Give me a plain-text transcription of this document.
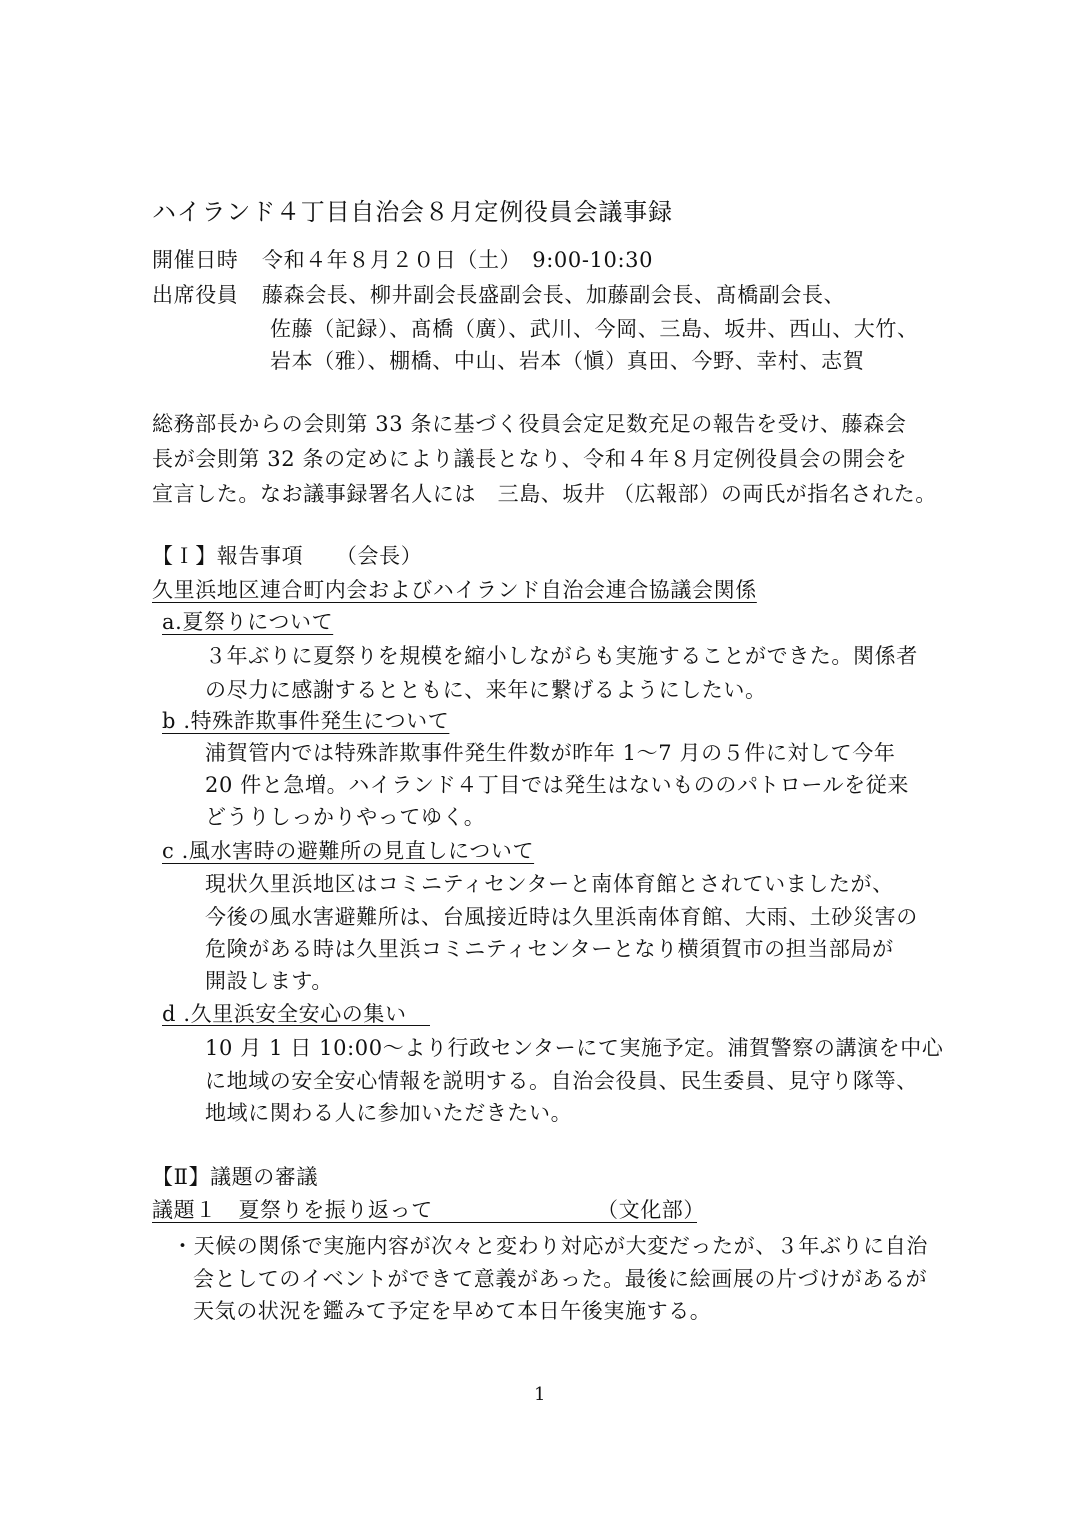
ハイランド４丁目自治会８月定例役員会議事録
開催日時 令和４年８月２０日（土）　9:00-10:30
出席役員 藤森会長、柳井副会長盛副会長、加藤副会長、髙橋副会長、
佐藤（記録）、髙橋（廣）、武川、今岡、三島、坂井、西山、大竹、
岩本（雅）、棚橋、中山、岩本（愼）真田、今野、幸村、志賀
総務部長からの会則第 33 条に基づく役員会定足数充足の報告を受け、藤森会
長が会則第 32 条の定めにより議長となり、令和４年８月定例役員会の開会を
宣言した。なお議事録署名人には　三島、坂井 （広報部）の両氏が指名された。
【Ｉ】報告事項　　（会長）
久里浜地区連合町内会およびハイランド自治会連合協議会関係
a.夏祭りについて
３年ぶりに夏祭りを規模を縮小しながらも実施することができた。関係者
の尽力に感謝するとともに、来年に繋げるようにしたい。
b .特殊詐欺事件発生について
浦賀管内では特殊詐欺事件発生件数が昨年 1～7 月の５件に対して今年
20 件と急増。ハイランド４丁目では発生はないもののパトロールを従来
どうりしっかりやってゆく。
c .風水害時の避難所の見直しについて
現状久里浜地区はコミニティセンターと南体育館とされていましたが、
今後の風水害避難所は、台風接近時は久里浜南体育館、大雨、土砂災害の
危険がある時は久里浜コミニティセンターとなり横須賀市の担当部局が
開設します。
d .久里浜安全安心の集い
10 月 1 日 10:00～より行政センターにて実施予定。浦賀警察の講演を中心
に地域の安全安心情報を説明する。自治会役員、民生委員、見守り隊等、
地域に関わる人に参加いただきたい。
【Ⅱ】議題の審議
議題１　夏祭りを振り返って	（文化部）
・天候の関係で実施内容が次々と変わり対応が大変だったが、３年ぶりに自治
会としてのイベントができて意義があった。最後に絵画展の片づけがあるが
天気の状況を鑑みて予定を早めて本日午後実施する。
1
